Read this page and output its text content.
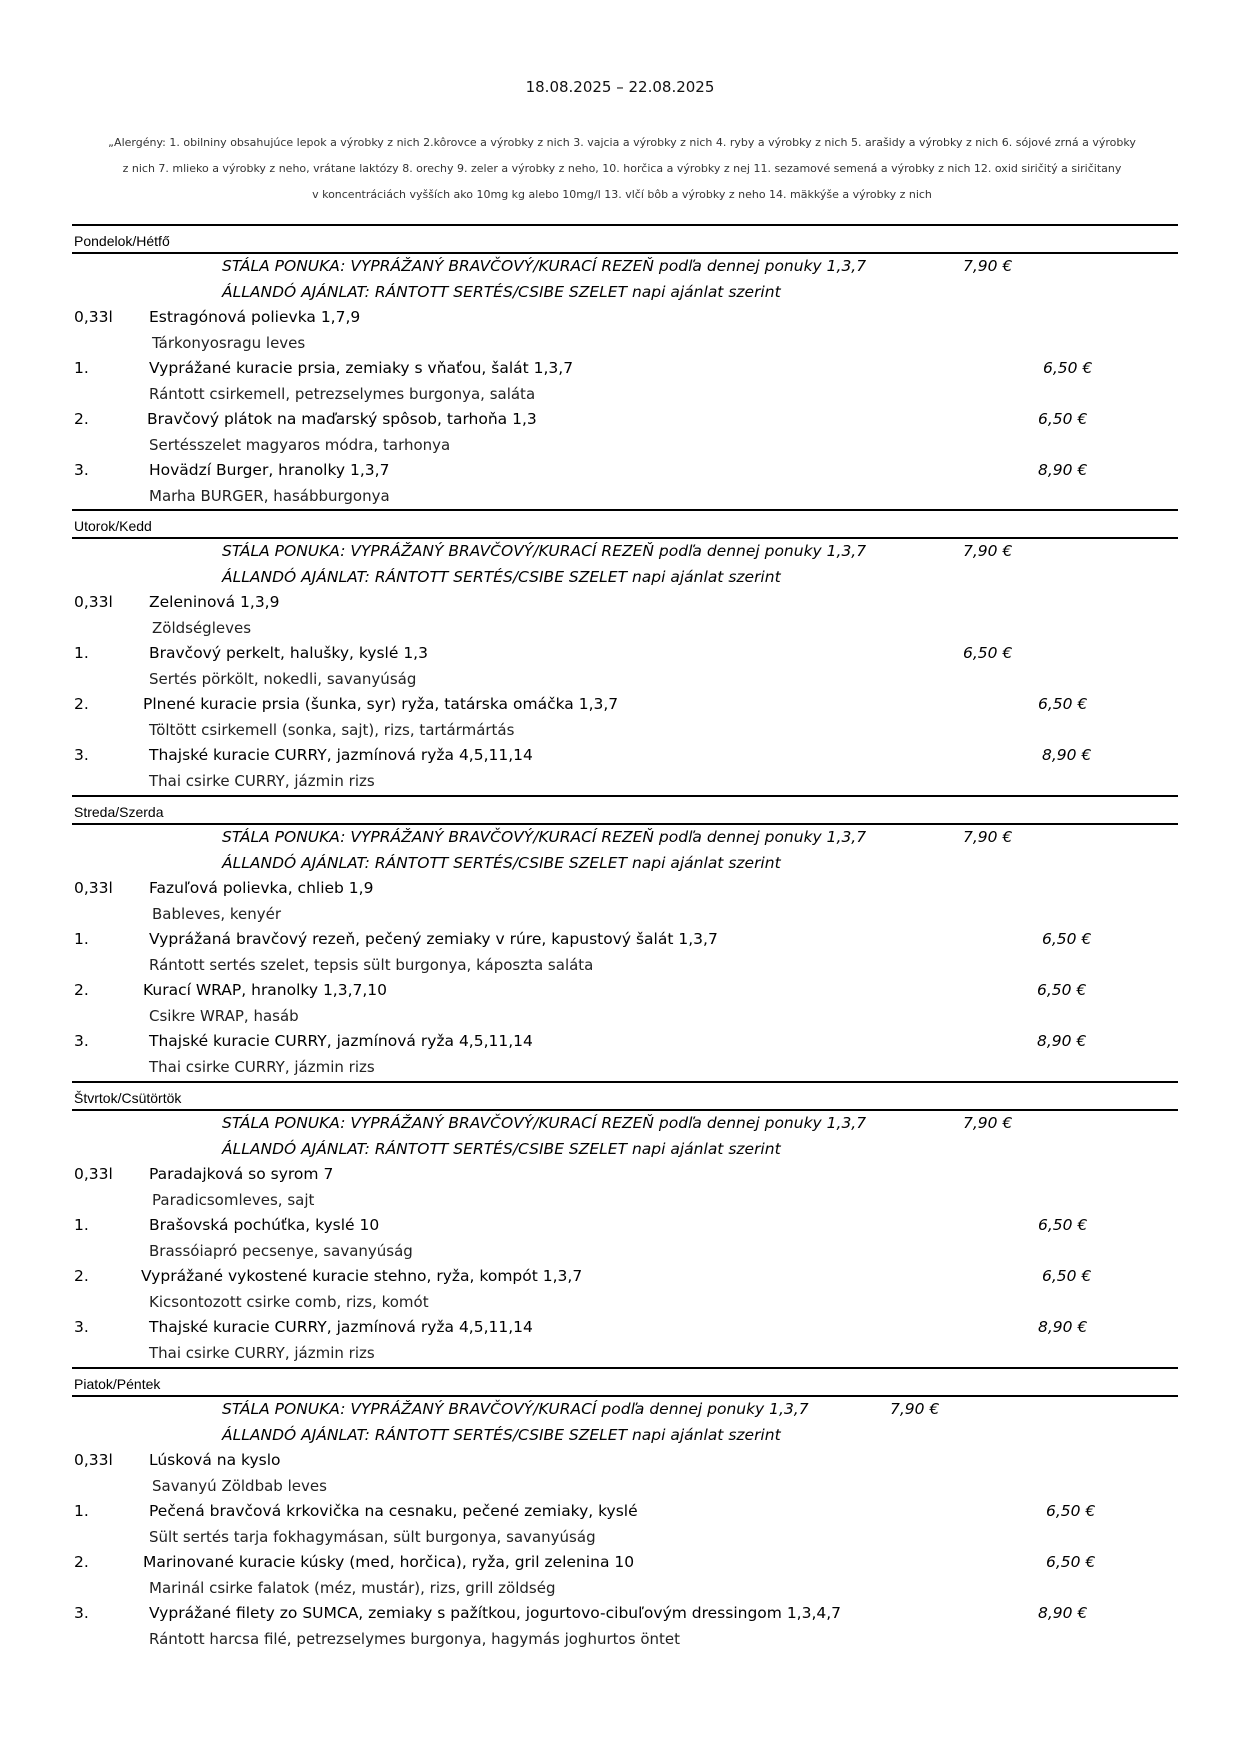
18.08.2025 – 22.08.2025
„Alergény: 1. obilniny obsahujúce lepok a výrobky z nich 2.kôrovce a výrobky z nich 3. vajcia a výrobky z nich 4. ryby a výrobky z nich 5. arašidy a výrobky z nich 6. sójové zrná a výrobky
z nich 7. mlieko a výrobky z neho, vrátane laktózy 8. orechy 9. zeler a výrobky z neho, 10. horčica a výrobky z nej 11. sezamové semená a výrobky z nich 12. oxid siričitý a siričitany
v koncentráciách vyšších ako 10mg kg alebo 10mg/l 13. vlčí bôb a výrobky z neho 14. mäkkýše a výrobky z nich
Pondelok/Hétfő
STÁLA PONUKA: VYPRÁŽANÝ BRAVČOVÝ/KURACÍ REZEŇ podľa dennej ponuky 1,3,7	7,90 €
ÁLLANDÓ AJÁNLAT: RÁNTOTT SERTÉS/CSIBE SZELET napi ajánlat szerint
0,33l Estragónová polievka 1,7,9
Tárkonyosragu leves
1.	Vyprážané kuracie prsia, zemiaky s vňaťou, šalát 1,3,7	6,50 €
Rántott csirkemell, petrezselymes burgonya, saláta
2.	Bravčový plátok na maďarský spôsob, tarhoňa 1,3	6,50 €
Sertésszelet magyaros módra, tarhonya
3.	Hovädzí Burger, hranolky 1,3,7	8,90 €
Marha BURGER, hasábburgonya
Utorok/Kedd
STÁLA PONUKA: VYPRÁŽANÝ BRAVČOVÝ/KURACÍ REZEŇ podľa dennej ponuky 1,3,7	7,90 €
ÁLLANDÓ AJÁNLAT: RÁNTOTT SERTÉS/CSIBE SZELET napi ajánlat szerint
0,33l Zeleninová 1,3,9
Zöldségleves
1.	Bravčový perkelt, halušky, kyslé 1,3	6,50 €
Sertés pörkölt, nokedli, savanyúság
2.	Plnené kuracie prsia (šunka, syr) ryža, tatárska omáčka 1,3,7	6,50 €
Töltött csirkemell (sonka, sajt), rizs, tartármártás
3.	Thajské kuracie CURRY, jazmínová ryža 4,5,11,14	8,90 €
Thai csirke CURRY, jázmin rizs
Streda/Szerda
STÁLA PONUKA: VYPRÁŽANÝ BRAVČOVÝ/KURACÍ REZEŇ podľa dennej ponuky 1,3,7	7,90 €
ÁLLANDÓ AJÁNLAT: RÁNTOTT SERTÉS/CSIBE SZELET napi ajánlat szerint
0,33l Fazuľová polievka, chlieb 1,9
Bableves, kenyér
1.	Vyprážaná bravčový rezeň, pečený zemiaky v rúre, kapustový šalát 1,3,7	6,50 €
Rántott sertés szelet, tepsis sült burgonya, káposzta saláta
2.	Kurací WRAP, hranolky 1,3,7,10	6,50 €
Csikre WRAP, hasáb
3.	Thajské kuracie CURRY, jazmínová ryža 4,5,11,14	8,90 €
Thai csirke CURRY, jázmin rizs
Štvrtok/Csütörtök
STÁLA PONUKA: VYPRÁŽANÝ BRAVČOVÝ/KURACÍ REZEŇ podľa dennej ponuky 1,3,7	7,90 €
ÁLLANDÓ AJÁNLAT: RÁNTOTT SERTÉS/CSIBE SZELET napi ajánlat szerint
0,33l Paradajková so syrom 7
Paradicsomleves, sajt
1.	Brašovská pochúťka, kyslé 10	6,50 €
Brassóiapró pecsenye, savanyúság
2.	Vyprážané vykostené kuracie stehno, ryža, kompót 1,3,7	6,50 €
Kicsontozott csirke comb, rizs, komót
3.	Thajské kuracie CURRY, jazmínová ryža 4,5,11,14	8,90 €
Thai csirke CURRY, jázmin rizs
Piatok/Péntek
STÁLA PONUKA: VYPRÁŽANÝ BRAVČOVÝ/KURACÍ podľa dennej ponuky 1,3,7	7,90 €
ÁLLANDÓ AJÁNLAT: RÁNTOTT SERTÉS/CSIBE SZELET napi ajánlat szerint
0,33l Lúsková na kyslo
Savanyú Zöldbab leves
1.	Pečená bravčová krkovička na cesnaku, pečené zemiaky, kyslé	6,50 €
Sült sertés tarja fokhagymásan, sült burgonya, savanyúság
2.	Marinované kuracie kúsky (med, horčica), ryža, gril zelenina 10	6,50 €
Marinál csirke falatok (méz, mustár), rizs, grill zöldség
3.	Vyprážané filety zo SUMCA, zemiaky s pažítkou, jogurtovo-cibuľovým dressingom 1,3,4,7	8,90 €
Rántott harcsa filé, petrezselymes burgonya, hagymás joghurtos öntet
